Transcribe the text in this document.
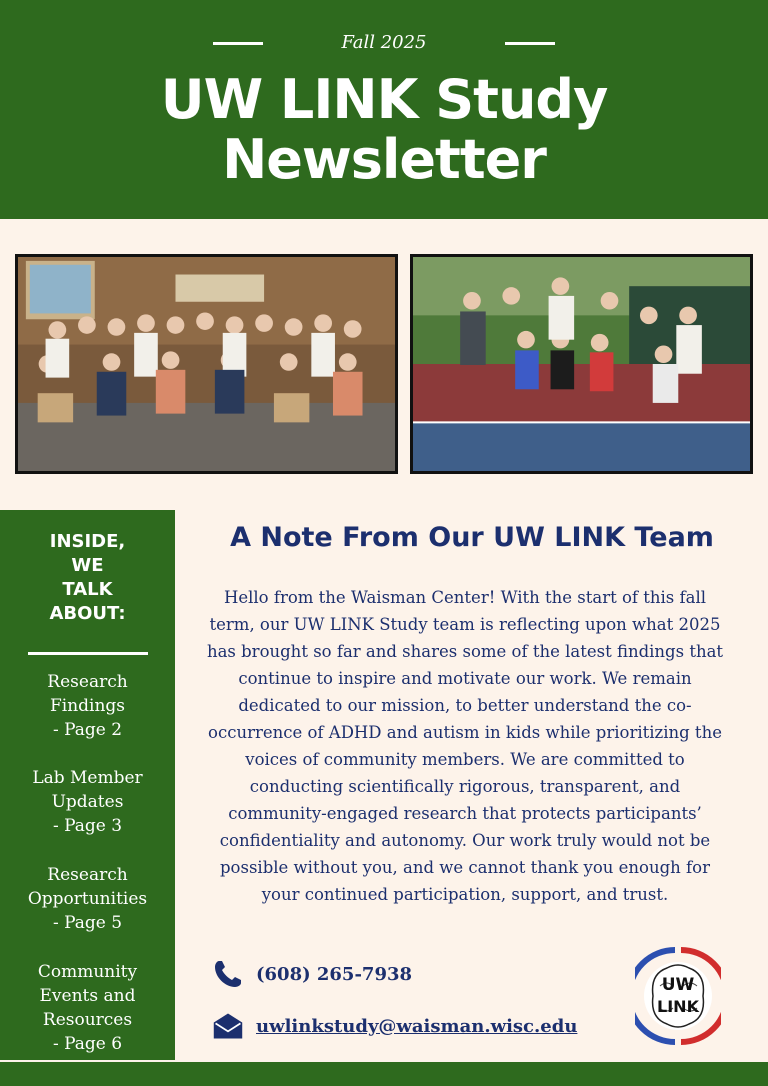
Fall 2025
UW LINK Study
Newsletter
INSIDE,
WE
TALK
ABOUT:
Research
Findings
- Page 2
Lab Member
Updates
- Page 3
Research
Opportunities
- Page 5
Community
Events and
Resources
- Page 6
A Note From Our UW LINK Team
Hello from the Waisman Center! With the start of this fall term, our UW LINK Study team is reflecting upon what 2025 has brought so far and shares some of the latest findings that continue to inspire and motivate our work. We remain dedicated to our mission, to better understand the co-occurrence of ADHD and autism in kids while prioritizing the voices of community members. We are committed to conducting scientifically rigorous, transparent, and community-engaged research that protects participants’ confidentiality and autonomy. Our work truly would not be possible without you, and we cannot thank you enough for your continued participation, support, and trust.
(608) 265-7938
uwlinkstudy@waisman.wisc.edu
UW
LINK
